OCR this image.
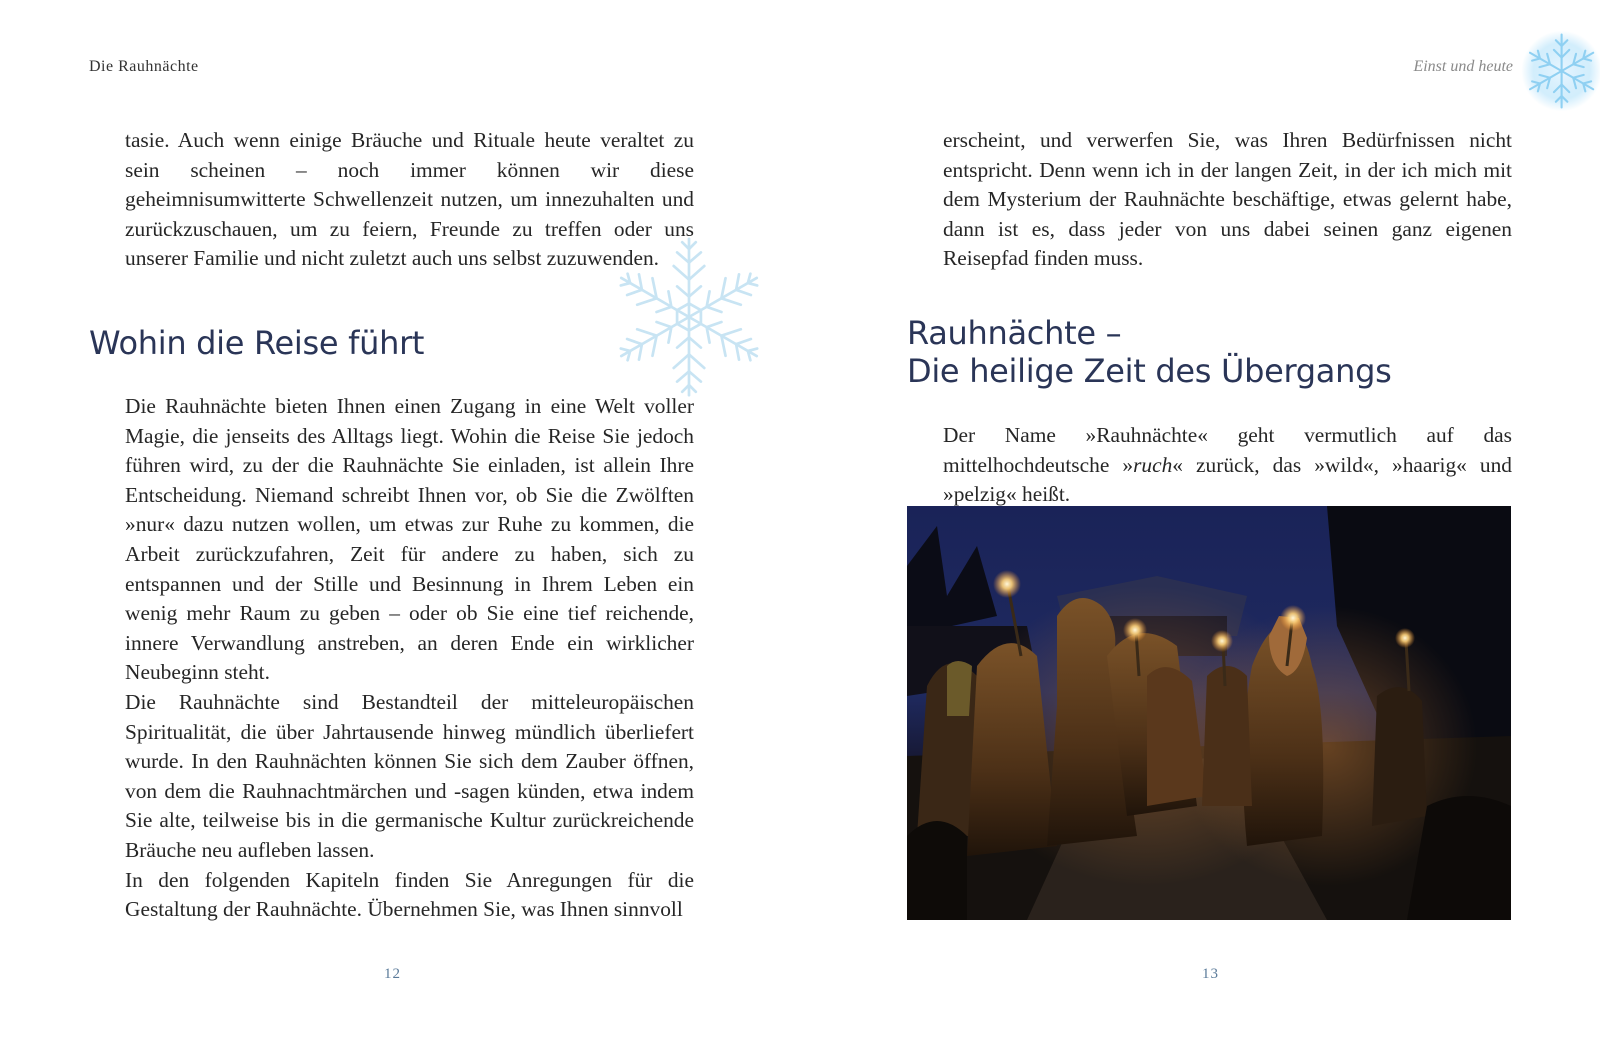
Die Rauhnächte

tasie. Auch wenn einige Bräuche und Rituale heute veraltet zu sein scheinen – noch immer können wir diese geheimnisumwitterte Schwellenzeit nutzen, um innezuhalten und zurückzuschauen, um zu feiern, Freunde zu treffen oder uns unserer Familie und nicht zuletzt auch uns selbst zuzuwenden.

Wohin die Reise führt

Die Rauhnächte bieten Ihnen einen Zugang in eine Welt voller Magie, die jenseits des Alltags liegt. Wohin die Reise Sie jedoch führen wird, zu der die Rauhnächte Sie einladen, ist allein Ihre Entscheidung. Niemand schreibt Ihnen vor, ob Sie die Zwölften »nur« dazu nutzen wollen, um etwas zur Ruhe zu kommen, die Arbeit zurückzufahren, Zeit für andere zu haben, sich zu entspannen und der Stille und Besinnung in Ihrem Leben ein wenig mehr Raum zu geben – oder ob Sie eine tief reichende, innere Verwandlung anstreben, an deren Ende ein wirklicher Neubeginn steht.

Die Rauhnächte sind Bestandteil der mitteleuropäischen Spiritualität, die über Jahrtausende hinweg mündlich überliefert wurde. In den Rauhnächten können Sie sich dem Zauber öffnen, von dem die Rauhnachtmärchen und -sagen künden, etwa indem Sie alte, teilweise bis in die germanische Kultur zurückreichende Bräuche neu aufleben lassen.

In den folgenden Kapiteln finden Sie Anregungen für die Gestaltung der Rauhnächte. Übernehmen Sie, was Ihnen sinnvoll

12
Einst und heute

erscheint, und verwerfen Sie, was Ihren Bedürfnissen nicht entspricht. Denn wenn ich in der langen Zeit, in der ich mich mit dem Mysterium der Rauhnächte beschäftige, etwas gelernt habe, dann ist es, dass jeder von uns dabei seinen ganz eigenen Reisepfad finden muss.

Rauhnächte –
Die heilige Zeit des Übergangs

Der Name »Rauhnächte« geht vermutlich auf das mittelhochdeutsche »ruch« zurück, das »wild«, »haarig« und »pelzig« heißt.

13
